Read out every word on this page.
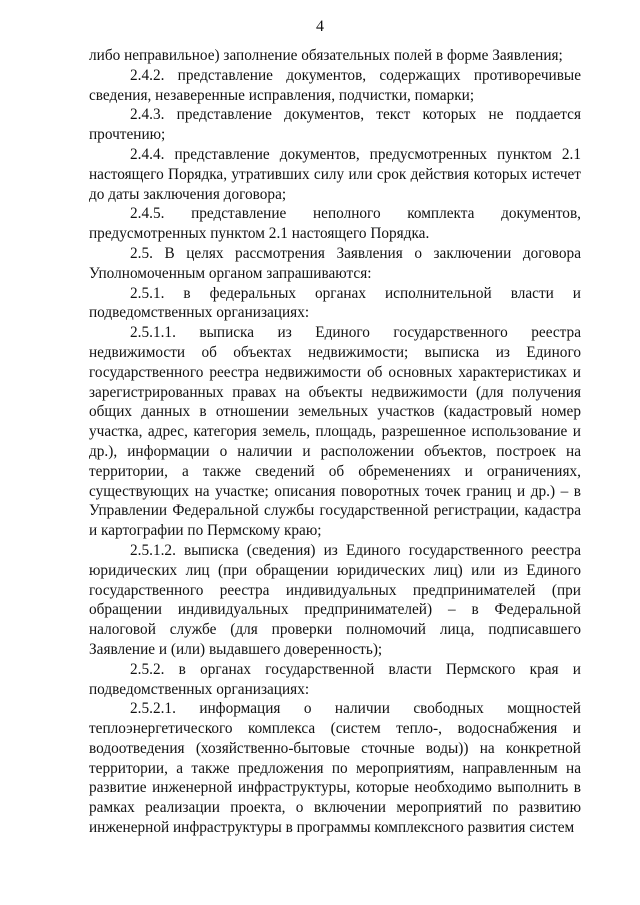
4

либо неправильное) заполнение обязательных полей в форме Заявления;

2.4.2. представление документов, содержащих противоречивые сведения, незаверенные исправления, подчистки, помарки;

2.4.3. представление документов, текст которых не поддается прочтению;

2.4.4. представление документов, предусмотренных пунктом 2.1 настоящего Порядка, утративших силу или срок действия которых истечет до даты заключения договора;

2.4.5. представление неполного комплекта документов, предусмотренных пунктом 2.1 настоящего Порядка.

2.5. В целях рассмотрения Заявления о заключении договора Уполномоченным органом запрашиваются:

2.5.1. в федеральных органах исполнительной власти и подведомственных организациях:

2.5.1.1. выписка из Единого государственного реестра недвижимости об объектах недвижимости; выписка из Единого государственного реестра недвижимости об основных характеристиках и зарегистрированных правах на объекты недвижимости (для получения общих данных в отношении земельных участков (кадастровый номер участка, адрес, категория земель, площадь, разрешенное использование и др.), информации о наличии и расположении объектов, построек на территории, а также сведений об обременениях и ограничениях, существующих на участке; описания поворотных точек границ и др.) – в Управлении Федеральной службы государственной регистрации, кадастра и картографии по Пермскому краю;

2.5.1.2. выписка (сведения) из Единого государственного реестра юридических лиц (при обращении юридических лиц) или из Единого государственного реестра индивидуальных предпринимателей (при обращении индивидуальных предпринимателей) – в Федеральной налоговой службе (для проверки полномочий лица, подписавшего Заявление и (или) выдавшего доверенность);

2.5.2. в органах государственной власти Пермского края и подведомственных организациях:

2.5.2.1. информация о наличии свободных мощностей теплоэнергетического комплекса (систем тепло-, водоснабжения и водоотведения (хозяйственно-бытовые сточные воды)) на конкретной территории, а также предложения по мероприятиям, направленным на развитие инженерной инфраструктуры, которые необходимо выполнить в рамках реализации проекта, о включении мероприятий по развитию инженерной инфраструктуры в программы комплексного развития систем
